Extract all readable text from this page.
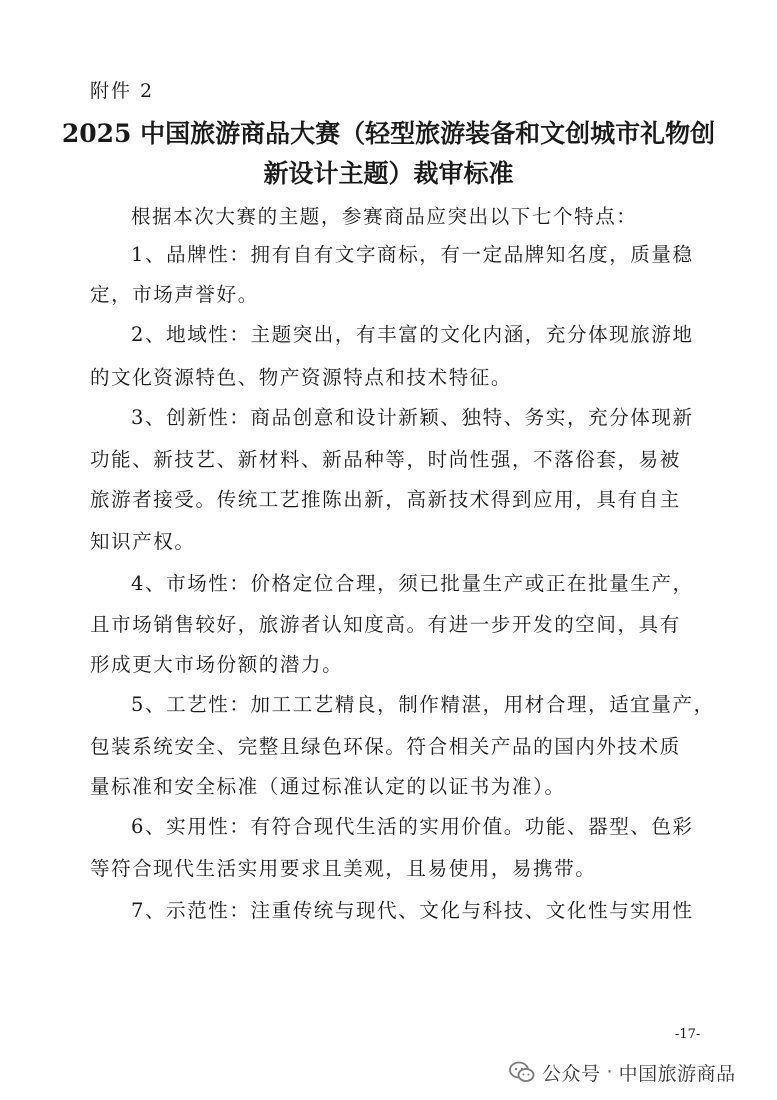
附件 2
2025 中国旅游商品大赛（轻型旅游装备和文创城市礼物创
新设计主题）裁审标准
根据本次大赛的主题，参赛商品应突出以下七个特点：
1、品牌性：拥有自有文字商标，有一定品牌知名度，质量稳
定，市场声誉好。
2、地域性：主题突出，有丰富的文化内涵，充分体现旅游地
的文化资源特色、物产资源特点和技术特征。
3、创新性：商品创意和设计新颖、独特、务实，充分体现新
功能、新技艺、新材料、新品种等，时尚性强，不落俗套，易被
旅游者接受。传统工艺推陈出新，高新技术得到应用，具有自主
知识产权。
4、市场性：价格定位合理，须已批量生产或正在批量生产，
且市场销售较好，旅游者认知度高。有进一步开发的空间，具有
形成更大市场份额的潜力。
5、工艺性：加工工艺精良，制作精湛，用材合理，适宜量产，
包装系统安全、完整且绿色环保。符合相关产品的国内外技术质
量标准和安全标准（通过标准认定的以证书为准）。
6、实用性：有符合现代生活的实用价值。功能、器型、色彩
等符合现代生活实用要求且美观，且易使用，易携带。
7、示范性：注重传统与现代、文化与科技、文化性与实用性
-17-
公众号 · 中国旅游商品
